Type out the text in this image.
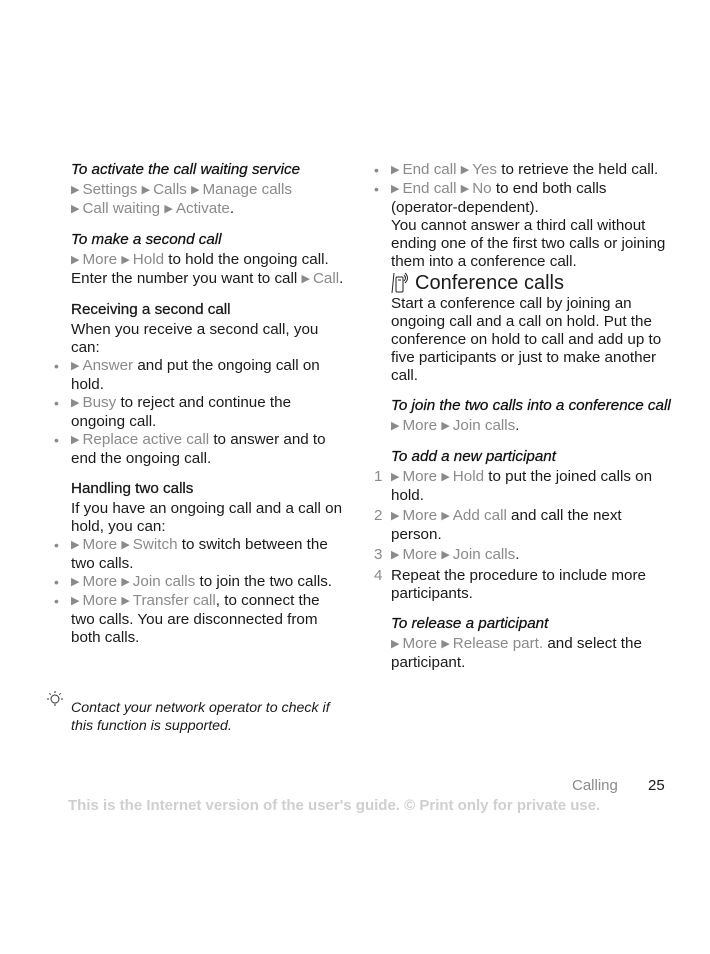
To activate the call waiting service

▶ Settings ▶ Calls ▶ Manage calls

▶ Call waiting ▶ Activate.

To make a second call

▶ More ▶ Hold to hold the ongoing call. Enter the number you want to call ▶ Call.

Receiving a second call

When you receive a second call, you can:

• ▶ Answer and put the ongoing call on hold.
• ▶ Busy to reject and continue the ongoing call.
• ▶ Replace active call to answer and to end the ongoing call.

Handling two calls

If you have an ongoing call and a call on hold, you can:

• ▶ More ▶ Switch to switch between the two calls.
• ▶ More ▶ Join calls to join the two calls.
• ▶ More ▶ Transfer call, to connect the two calls. You are disconnected from both calls.

Contact your network operator to check if this function is supported.

• ▶ End call ▶ Yes to retrieve the held call.
• ▶ End call ▶ No to end both calls (operator-dependent).

You cannot answer a third call without ending one of the first two calls or joining them into a conference call.

Conference calls

Start a conference call by joining an ongoing call and a call on hold. Put the conference on hold to call and add up to five participants or just to make another call.

To join the two calls into a conference call

▶ More ▶ Join calls.

To add a new participant

1 ▶ More ▶ Hold to put the joined calls on hold.
2 ▶ More ▶ Add call and call the next person.
3 ▶ More ▶ Join calls.
4 Repeat the procedure to include more participants.

To release a participant

▶ More ▶ Release part. and select the participant.

Calling 25
This is the Internet version of the user's guide. © Print only for private use.
